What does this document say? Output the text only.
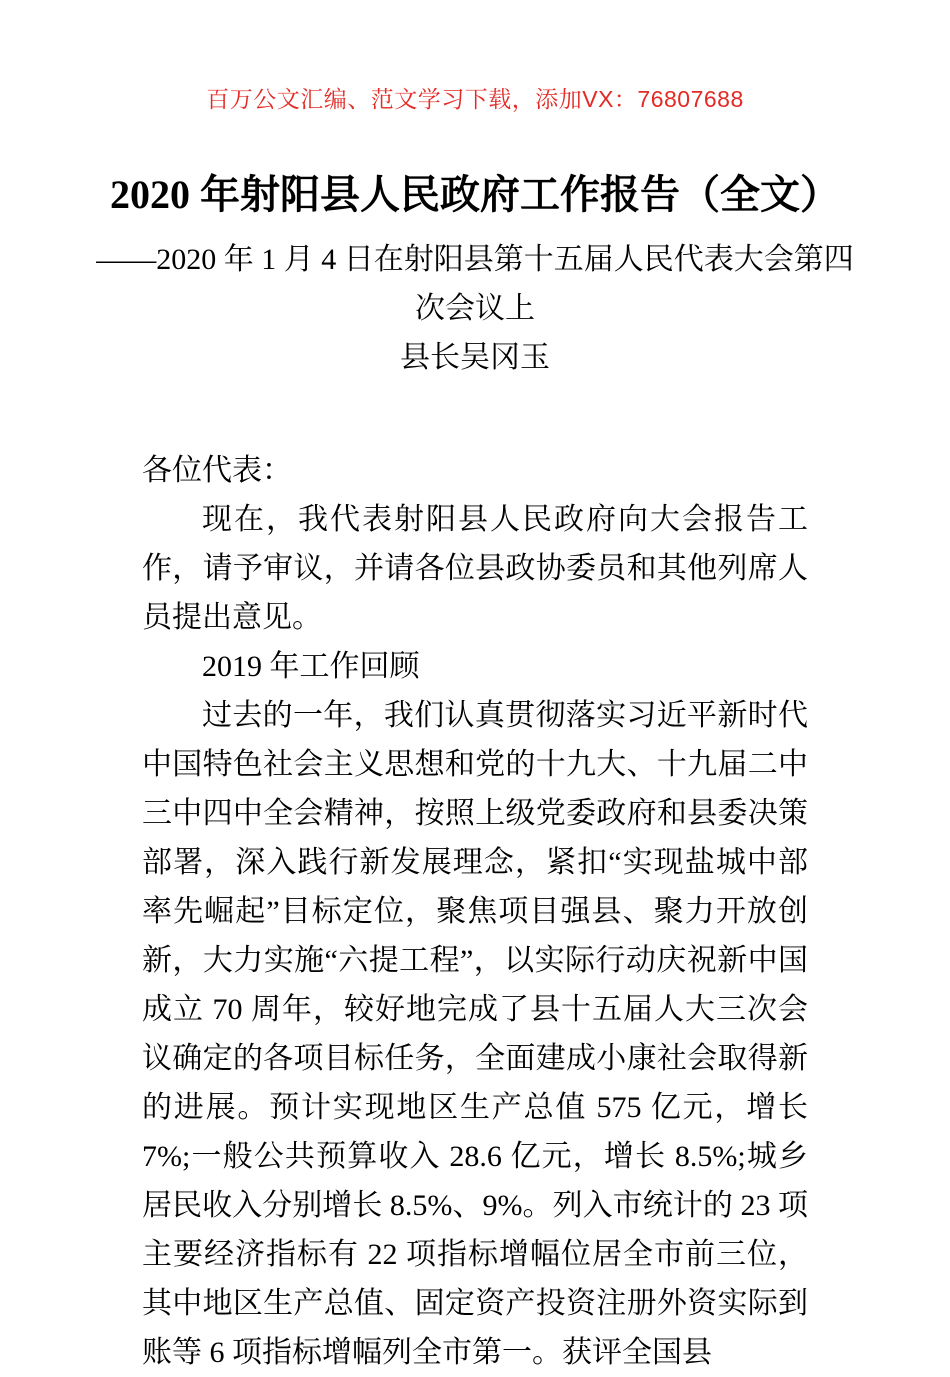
百万公文汇编、范文学习下载，添加VX：76807688
2020 年射阳县人民政府工作报告（全文）
——2020 年 1 月 4 日在射阳县第十五届人民代表大会第四
次会议上
县长吴冈玉

各位代表：

现在，我代表射阳县人民政府向大会报告工作，请予审议，并请各位县政协委员和其他列席人员提出意见。

2019 年工作回顾

过去的一年，我们认真贯彻落实习近平新时代中国特色社会主义思想和党的十九大、十九届二中三中四中全会精神，按照上级党委政府和县委决策部署，深入践行新发展理念，紧扣“实现盐城中部率先崛起”目标定位，聚焦项目强县、聚力开放创新，大力实施“六提工程”，以实际行动庆祝新中国成立 70 周年，较好地完成了县十五届人大三次会议确定的各项目标任务，全面建成小康社会取得新的进展。预计实现地区生产总值 575 亿元，增长 7%;一般公共预算收入 28.6 亿元，增长 8.5%;城乡居民收入分别增长 8.5%、9%。列入市统计的 23 项主要经济指标有 22 项指标增幅位居全市前三位，其中地区生产总值、固定资产投资注册外资实际到账等 6 项指标增幅列全市第一。获评全国县
